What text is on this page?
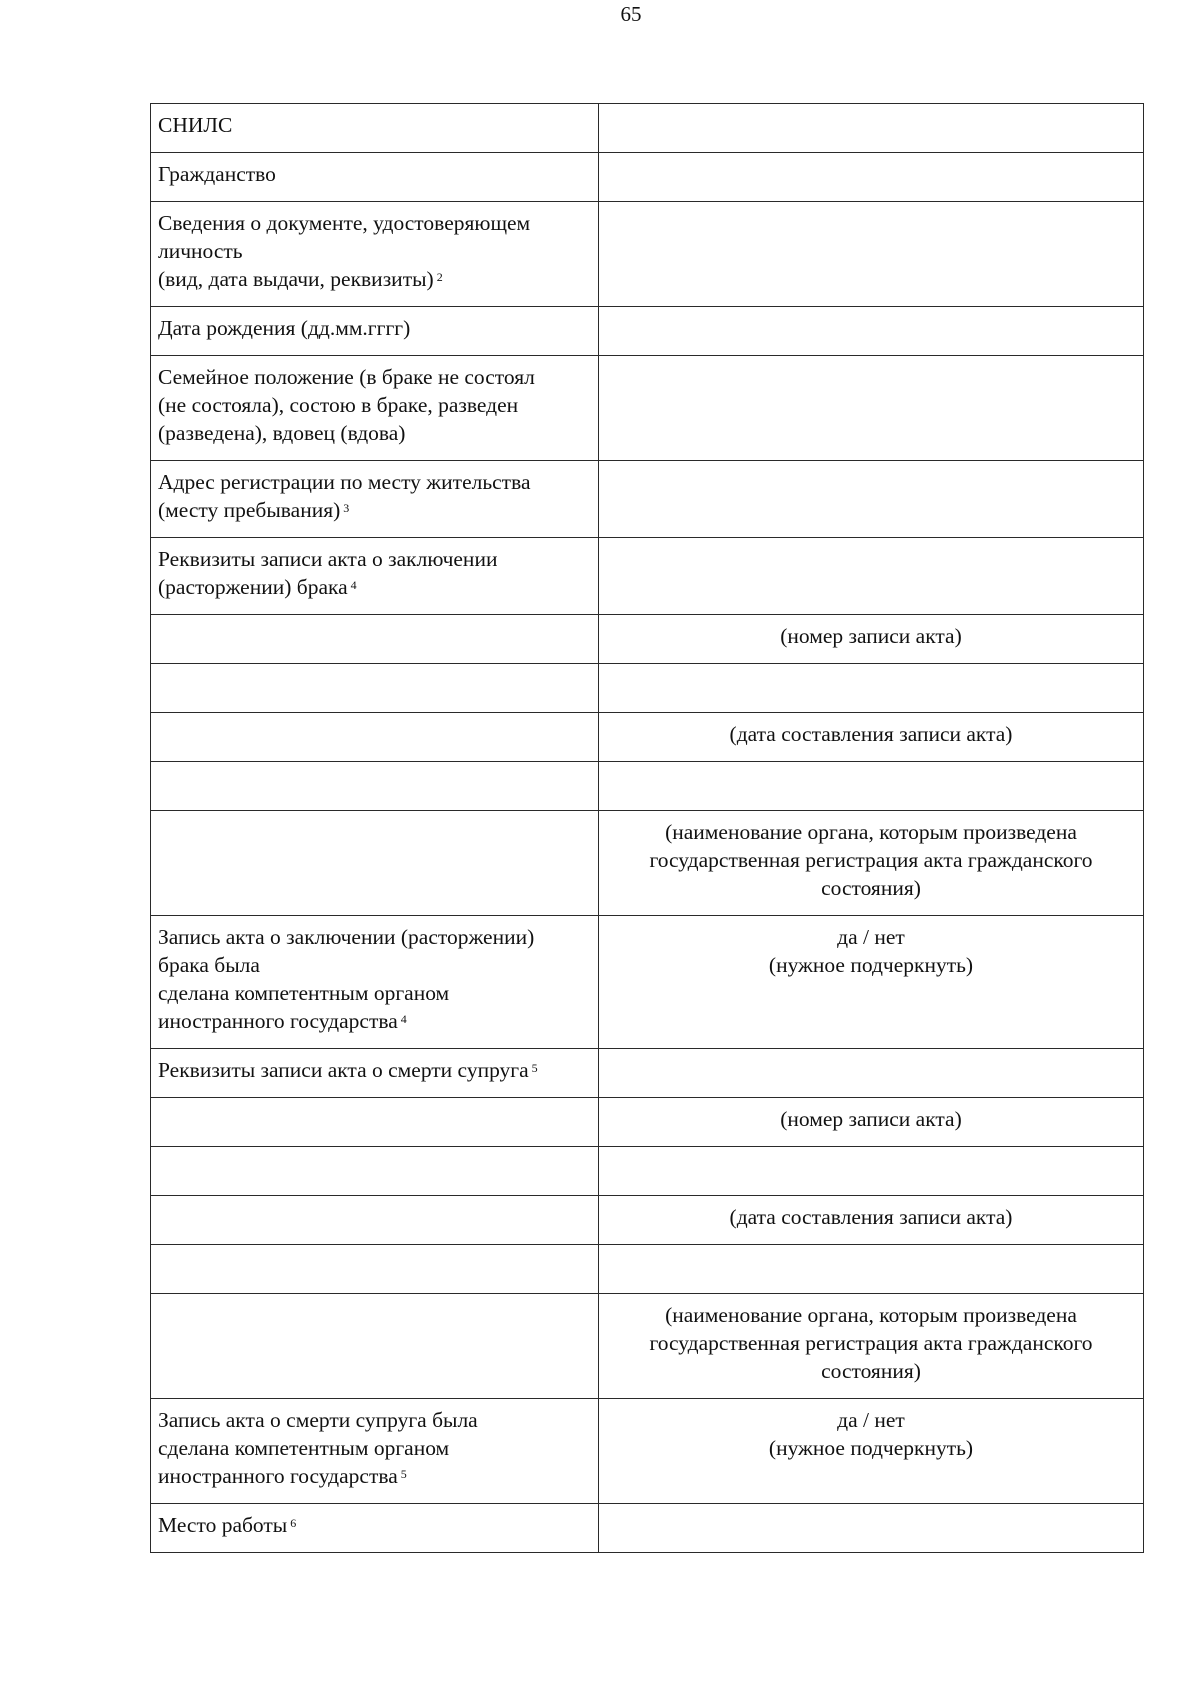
65
СНИЛС	

Гражданство	

Сведения о документе, удостоверяющем
личность
(вид, дата выдачи, реквизиты) $^2$

Дата рождения (дд.мм.гггг)	

Семейное положение (в браке не состоял
(не состояла), состою в браке, разведен
(разведена), вдовец (вдова)	

Адрес регистрации по месту жительства
(месту пребывания) $^3$

Реквизиты записи акта о заключении
(расторжении) брака $^4$

	(номер записи акта)

	(дата составления записи акта)

	(наименование органа, которым произведена
государственная регистрация акта гражданского
состояния)

Запись акта о заключении (расторжении)
брака была
сделана компетентным органом
иностранного государства $^4$	да / нет
(нужное подчеркнуть)

Реквизиты записи акта о смерти супруга $^5$

	(номер записи акта)

	(дата составления записи акта)

	(наименование органа, которым произведена
государственная регистрация акта гражданского
состояния)

Запись акта о смерти супруга была
сделана компетентным органом
иностранного государства $^5$	да / нет
(нужное подчеркнуть)

Место работы $^6$
